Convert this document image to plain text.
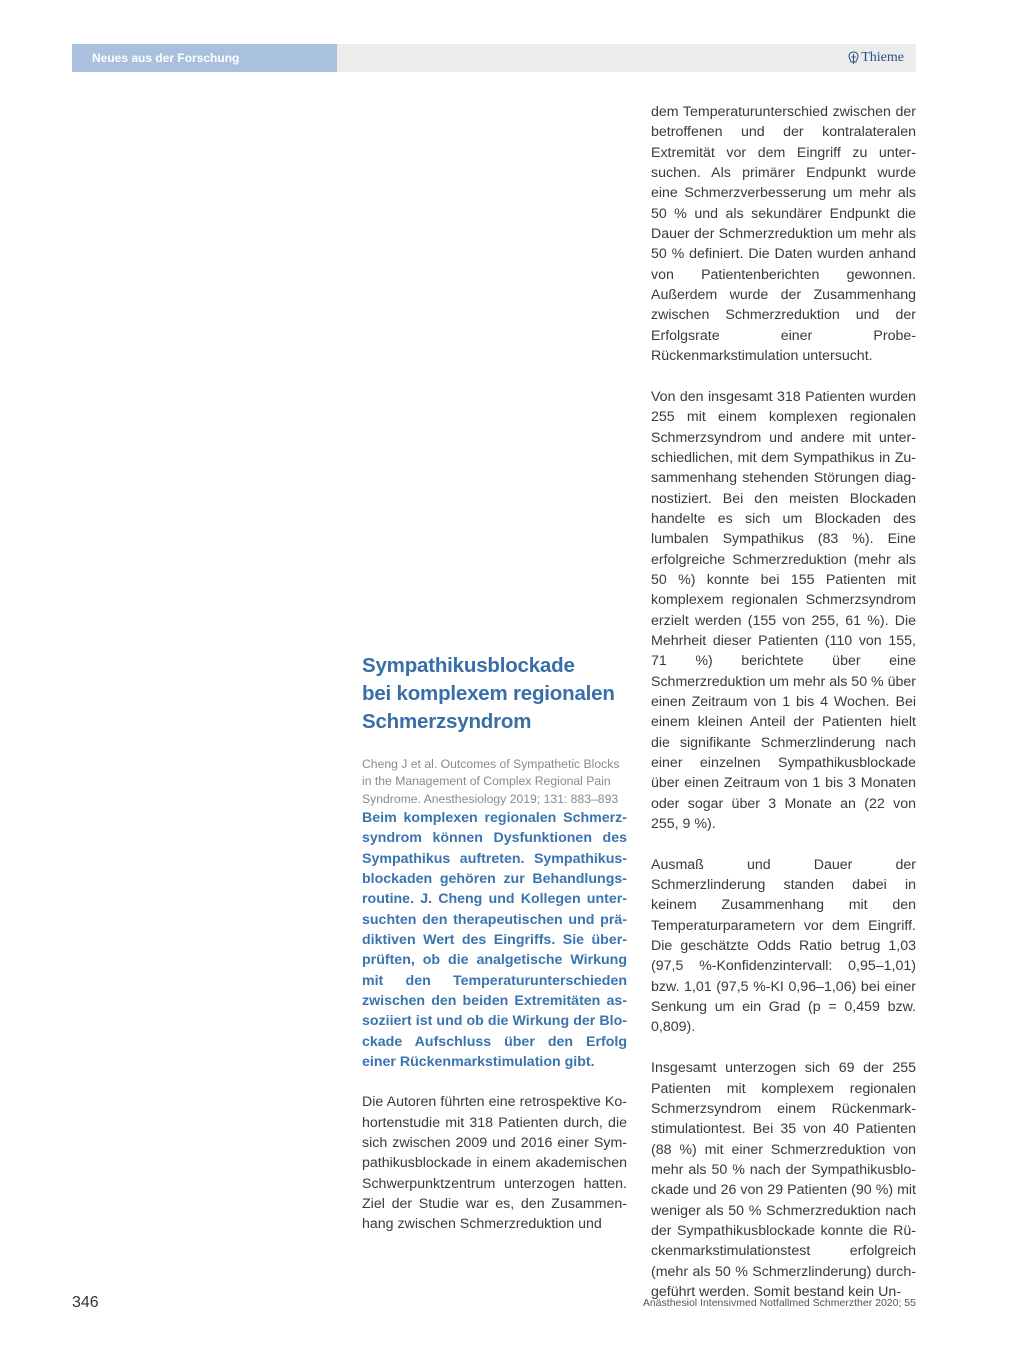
Neues aus der Forschung	Thieme
Sympathikusblockade
bei komplexem regionalen
Schmerzsyndrom

Cheng J et al. Outcomes of Sympathetic Blocks in the Management of Complex Regional Pain Syndrome. Anesthesiology 2019; 131: 883–893

Beim komplexen regionalen Schmerzsyndrom können Dysfunktionen des Sympathikus auftreten. Sympathikusblockaden gehören zur Behandlungsroutine. J. Cheng und Kollegen untersuchten den therapeutischen und prädiktiven Wert des Eingriffs. Sie überprüften, ob die analgetische Wirkung mit den Temperaturunterschieden zwischen den beiden Extremitäten assoziiert ist und ob die Wirkung der Blockade Aufschluss über den Erfolg einer Rückenmarkstimulation gibt.

Die Autoren führten eine retrospektive Kohortenstudie mit 318 Patienten durch, die sich zwischen 2009 und 2016 einer Sympathikusblockade in einem akademischen Schwerpunktzentrum unterzogen hatten. Ziel der Studie war es, den Zusammenhang zwischen Schmerzreduktion und

dem Temperaturunterschied zwischen der betroffenen und der kontralateralen Extremität vor dem Eingriff zu untersuchen. Als primärer Endpunkt wurde eine Schmerzverbesserung um mehr als 50 % und als sekundärer Endpunkt die Dauer der Schmerzreduktion um mehr als 50 % definiert. Die Daten wurden anhand von Patientenberichten gewonnen. Außerdem wurde der Zusammenhang zwischen Schmerzreduktion und der Erfolgsrate einer Probe-Rückenmarkstimulation untersucht.

Von den insgesamt 318 Patienten wurden 255 mit einem komplexen regionalen Schmerzsyndrom und andere mit unterschiedlichen, mit dem Sympathikus in Zusammenhang stehenden Störungen diagnostiziert. Bei den meisten Blockaden handelte es sich um Blockaden des lumbalen Sympathikus (83 %). Eine erfolgreiche Schmerzreduktion (mehr als 50 %) konnte bei 155 Patienten mit komplexem regionalen Schmerzsyndrom erzielt werden (155 von 255, 61 %). Die Mehrheit dieser Patienten (110 von 155, 71 %) berichtete über eine Schmerzreduktion um mehr als 50 % über einen Zeitraum von 1 bis 4 Wochen. Bei einem kleinen Anteil der Patienten hielt die signifikante Schmerzlinderung nach einer einzelnen Sympathikusblockade über einen Zeitraum von 1 bis 3 Monaten oder sogar über 3 Monate an (22 von 255, 9 %).

Ausmaß und Dauer der Schmerzlinderung standen dabei in keinem Zusammenhang mit den Temperaturparametern vor dem Eingriff. Die geschätzte Odds Ratio betrug 1,03 (97,5 %-Konfidenzintervall: 0,95–1,01) bzw. 1,01 (97,5 %-KI 0,96–1,06) bei einer Senkung um ein Grad (p = 0,459 bzw. 0,809).

Insgesamt unterzogen sich 69 der 255 Patienten mit komplexem regionalen Schmerzsyndrom einem Rückenmarkstimulationtest. Bei 35 von 40 Patienten (88 %) mit einer Schmerzreduktion von mehr als 50 % nach der Sympathikusblockade und 26 von 29 Patienten (90 %) mit weniger als 50 % Schmerzreduktion nach der Sympathikusblockade konnte die Rückenmarkstimulationstest erfolgreich (mehr als 50 % Schmerzlinderung) durchgeführt werden. Somit bestand kein Un-

346	Anästhesiol Intensivmed Notfallmed Schmerzther 2020; 55
